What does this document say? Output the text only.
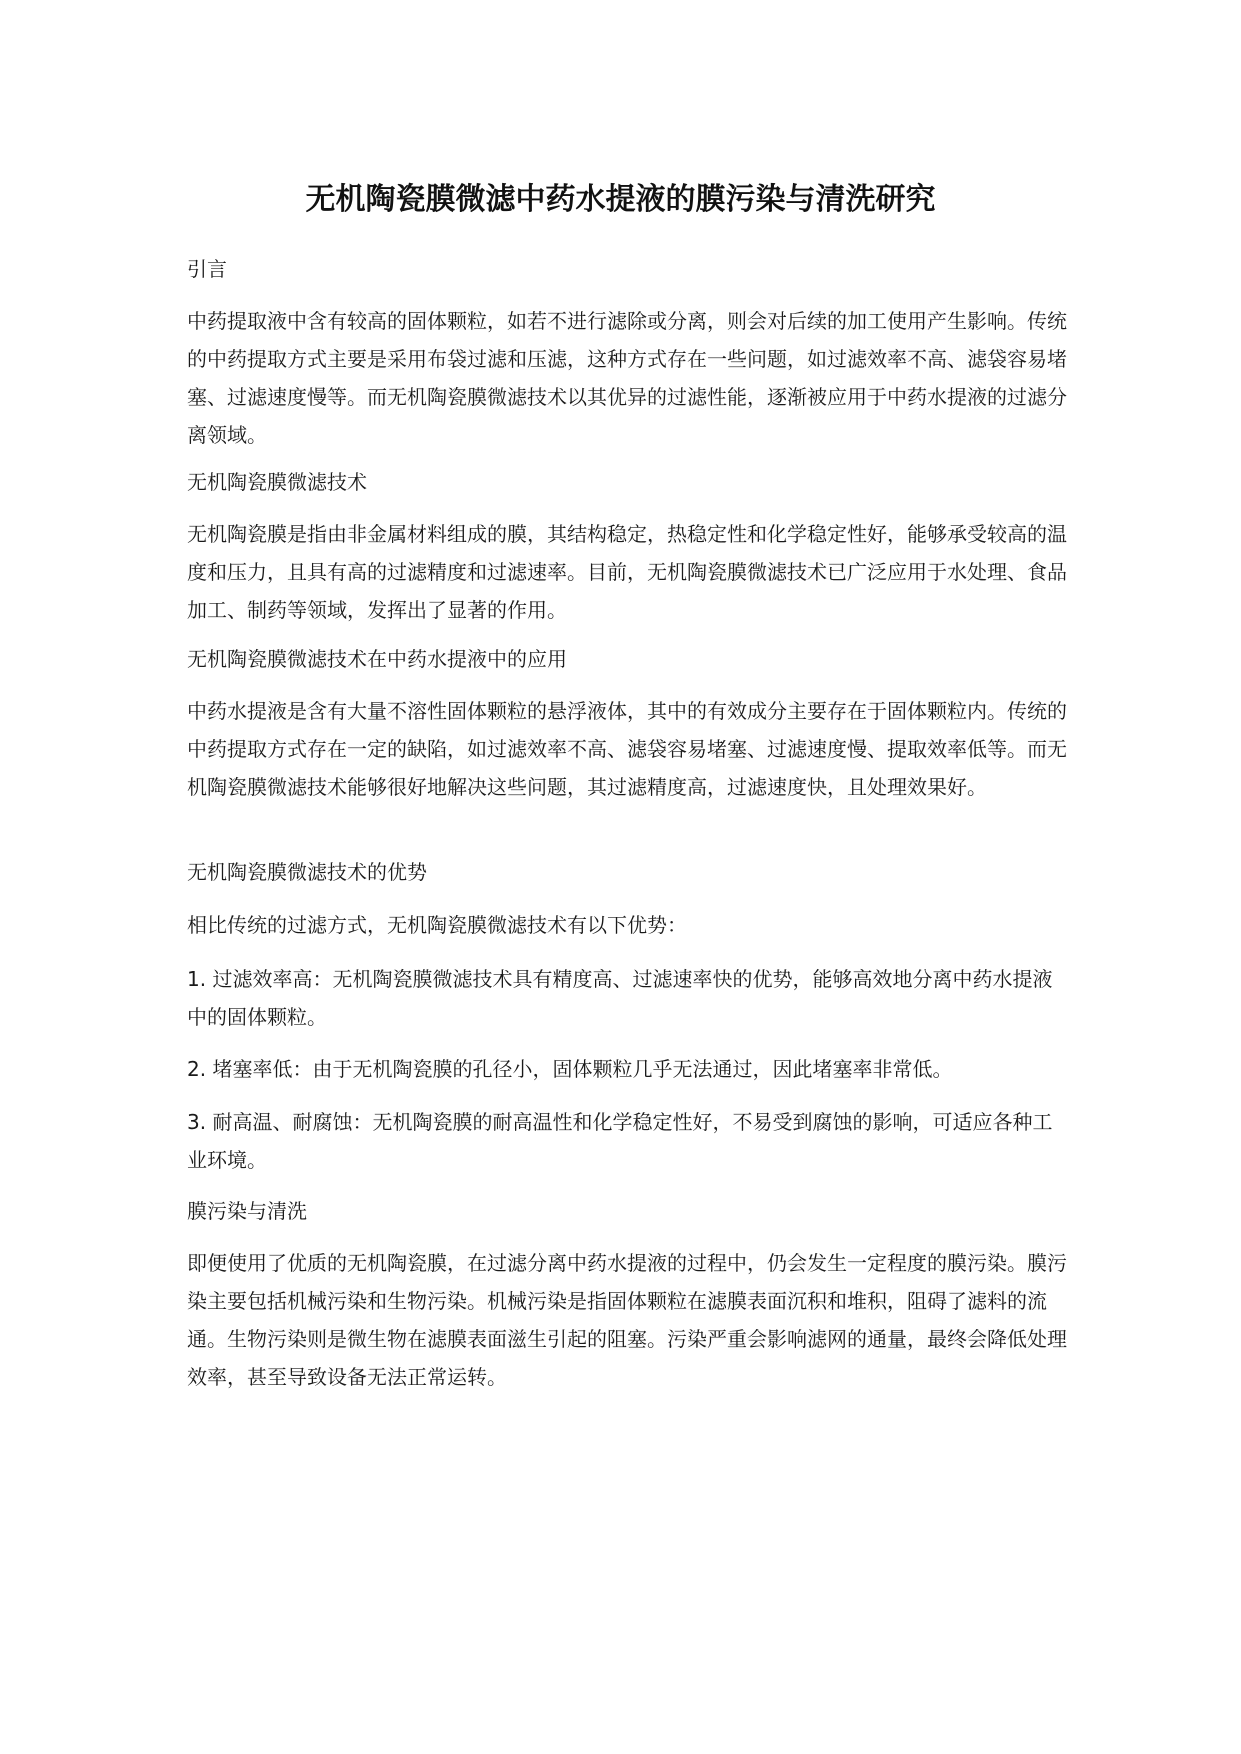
无机陶瓷膜微滤中药水提液的膜污染与清洗研究
引言
中药提取液中含有较高的固体颗粒，如若不进行滤除或分离，则会对后续的加工使用产生影响。传统的中药提取方式主要是采用布袋过滤和压滤，这种方式存在一些问题，如过滤效率不高、滤袋容易堵塞、过滤速度慢等。而无机陶瓷膜微滤技术以其优异的过滤性能，逐渐被应用于中药水提液的过滤分离领域。
无机陶瓷膜微滤技术
无机陶瓷膜是指由非金属材料组成的膜，其结构稳定，热稳定性和化学稳定性好，能够承受较高的温度和压力，且具有高的过滤精度和过滤速率。目前，无机陶瓷膜微滤技术已广泛应用于水处理、食品加工、制药等领域，发挥出了显著的作用。
无机陶瓷膜微滤技术在中药水提液中的应用
中药水提液是含有大量不溶性固体颗粒的悬浮液体，其中的有效成分主要存在于固体颗粒内。传统的中药提取方式存在一定的缺陷，如过滤效率不高、滤袋容易堵塞、过滤速度慢、提取效率低等。而无机陶瓷膜微滤技术能够很好地解决这些问题，其过滤精度高，过滤速度快，且处理效果好。
无机陶瓷膜微滤技术的优势
相比传统的过滤方式，无机陶瓷膜微滤技术有以下优势：
1. 过滤效率高：无机陶瓷膜微滤技术具有精度高、过滤速率快的优势，能够高效地分离中药水提液中的固体颗粒。
2. 堵塞率低：由于无机陶瓷膜的孔径小，固体颗粒几乎无法通过，因此堵塞率非常低。
3. 耐高温、耐腐蚀：无机陶瓷膜的耐高温性和化学稳定性好，不易受到腐蚀的影响，可适应各种工业环境。
膜污染与清洗
即便使用了优质的无机陶瓷膜，在过滤分离中药水提液的过程中，仍会发生一定程度的膜污染。膜污染主要包括机械污染和生物污染。机械污染是指固体颗粒在滤膜表面沉积和堆积，阻碍了滤料的流通。生物污染则是微生物在滤膜表面滋生引起的阻塞。污染严重会影响滤网的通量，最终会降低处理效率，甚至导致设备无法正常运转。
